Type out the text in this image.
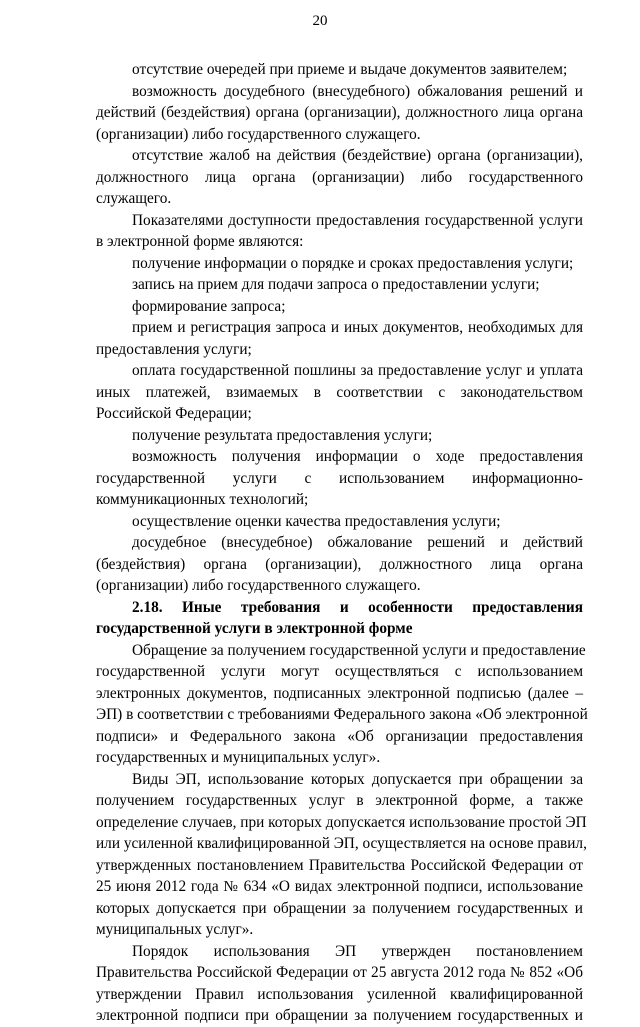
20
отсутствие очередей при приеме и выдаче документов заявителем;
возможность досудебного (внесудебного) обжалования решений и
действий (бездействия) органа (организации), должностного лица органа
(организации) либо государственного служащего.
отсутствие жалоб на действия (бездействие) органа (организации),
должностного лица органа (организации) либо государственного
служащего.
Показателями доступности предоставления государственной услуги
в электронной форме являются:
получение информации о порядке и сроках предоставления услуги;
запись на прием для подачи запроса о предоставлении услуги;
формирование запроса;
прием и регистрация запроса и иных документов, необходимых для
предоставления услуги;
оплата государственной пошлины за предоставление услуг и уплата
иных платежей, взимаемых в соответствии с законодательством
Российской Федерации;
получение результата предоставления услуги;
возможность получения информации о ходе предоставления
государственной услуги с использованием информационно-
коммуникационных технологий;
осуществление оценки качества предоставления услуги;
досудебное (внесудебное) обжалование решений и действий
(бездействия) органа (организации), должностного лица органа
(организации) либо государственного служащего.
2.18. Иные требования и особенности предоставления
государственной услуги в электронной форме
Обращение за получением государственной услуги и предоставление
государственной услуги могут осуществляться с использованием
электронных документов, подписанных электронной подписью (далее –
ЭП) в соответствии с требованиями Федерального закона «Об электронной
подписи» и Федерального закона «Об организации предоставления
государственных и муниципальных услуг».
Виды ЭП, использование которых допускается при обращении за
получением государственных услуг в электронной форме, а также
определение случаев, при которых допускается использование простой ЭП
или усиленной квалифицированной ЭП, осуществляется на основе правил,
утвержденных постановлением Правительства Российской Федерации от
25 июня 2012 года № 634 «О видах электронной подписи, использование
которых допускается при обращении за получением государственных и
муниципальных услуг».
Порядок использования ЭП утвержден постановлением
Правительства Российской Федерации от 25 августа 2012 года № 852 «Об
утверждении Правил использования усиленной квалифицированной
электронной подписи при обращении за получением государственных и
